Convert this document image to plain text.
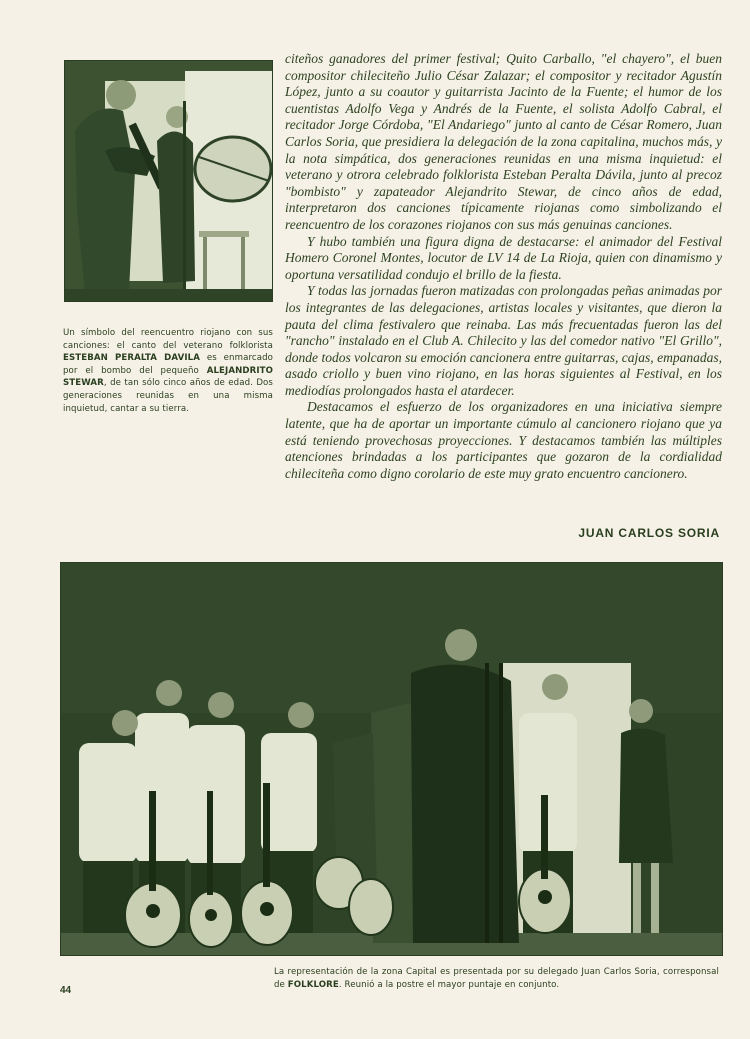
Un símbolo del reencuentro riojano con sus canciones: el canto del veterano folklorista ESTEBAN PERALTA DAVILA es enmarcado por el bombo del pequeño ALEJANDRITO STEWAR, de tan sólo cinco años de edad. Dos generaciones reunidas en una misma inquietud, cantar a su tierra.

citeños ganadores del primer festival; Quito Carballo, "el chayero", el buen compositor chileciteño Julio César Zalazar; el compositor y recitador Agustín López, junto a su coautor y guitarrista Jacinto de la Fuente; el humor de los cuentistas Adolfo Vega y Andrés de la Fuente, el solista Adolfo Cabral, el recitador Jorge Córdoba, "El Andariego" junto al canto de César Romero, Juan Carlos Soria, que presidiera la delegación de la zona capitalina, muchos más, y la nota simpática, dos generaciones reunidas en una misma inquietud: el veterano y otrora celebrado folklorista Esteban Peralta Dávila, junto al precoz "bombisto" y zapateador Alejandrito Stewar, de cinco años de edad, interpretaron dos canciones típicamente riojanas como simbolizando el reencuentro de los corazones riojanos con sus más genuinas canciones.

Y hubo también una figura digna de destacarse: el animador del Festival Homero Coronel Montes, locutor de LV 14 de La Rioja, quien con dinamismo y oportuna versatilidad condujo el brillo de la fiesta.

Y todas las jornadas fueron matizadas con prolongadas peñas animadas por los integrantes de las delegaciones, artistas locales y visitantes, que dieron la pauta del clima festivalero que reinaba. Las más frecuentadas fueron las del "rancho" instalado en el Club A. Chilecito y las del comedor nativo "El Grillo", donde todos volcaron su emoción cancionera entre guitarras, cajas, empanadas, asado criollo y buen vino riojano, en las horas siguientes al Festival, en los mediodías prolongados hasta el atardecer.

Destacamos el esfuerzo de los organizadores en una iniciativa siempre latente, que ha de aportar un importante cúmulo al cancionero riojano que ya está teniendo provechosas proyecciones. Y destacamos también las múltiples atenciones brindadas a los participantes que gozaron de la cordialidad chileciteña como digno corolario de este muy grato encuentro cancionero.

JUAN CARLOS SORIA
La representación de la zona Capital es presentada por su delegado Juan Carlos Soria, corresponsal de FOLKLORE. Reunió a la postre el mayor puntaje en conjunto.
44
